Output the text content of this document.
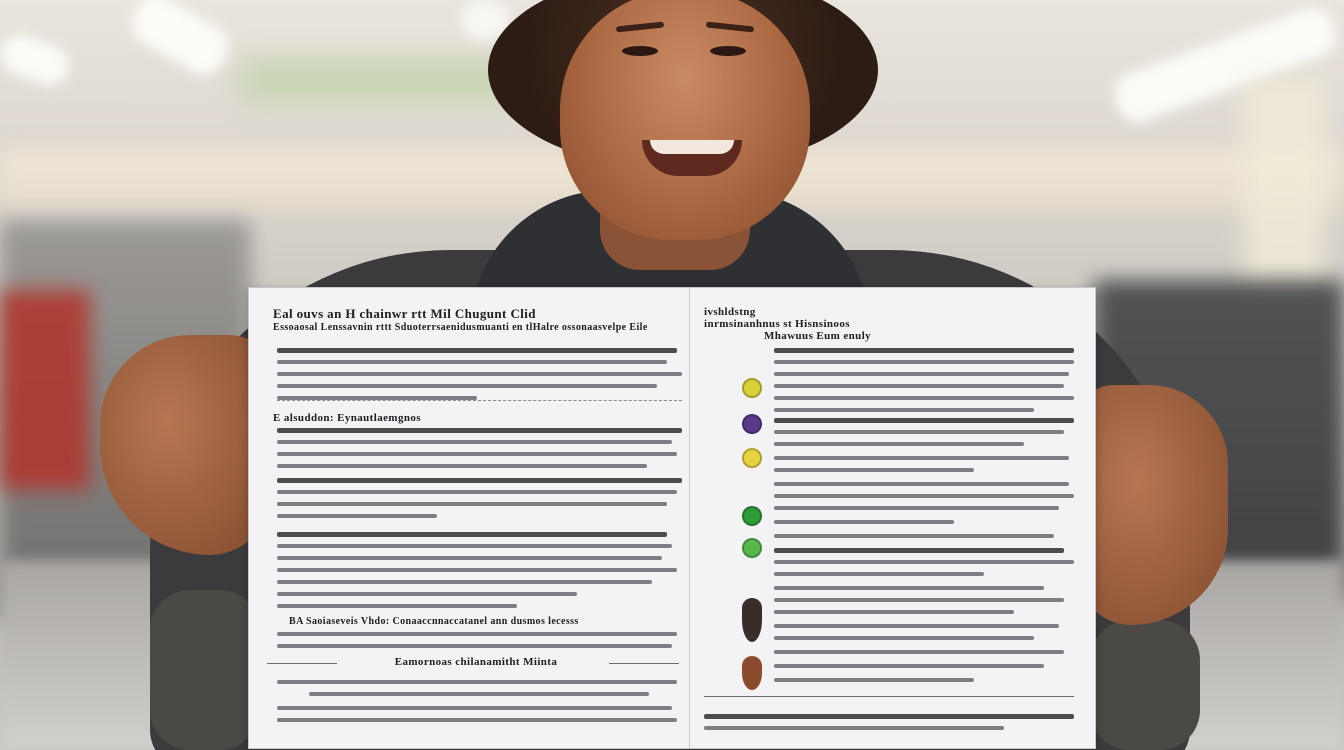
Eal ouvs an H chainwr rtt Mil Chugunt Clid
Essoaosal Lenssavnin rttt Sduoterrsaenidusmuanti en tlHalre ossonaasvelpe Eile
E alsuddon: Eynautlaemgnos
BA Saoiaseveis Vhdo: Conaaccnnaccatanel ann dusmos lecesss
Eamornoas chilanamitht Miinta
ivshldstng
inrmsinanhnus st Hisnsinoos
Mhawuus Eum enuly
